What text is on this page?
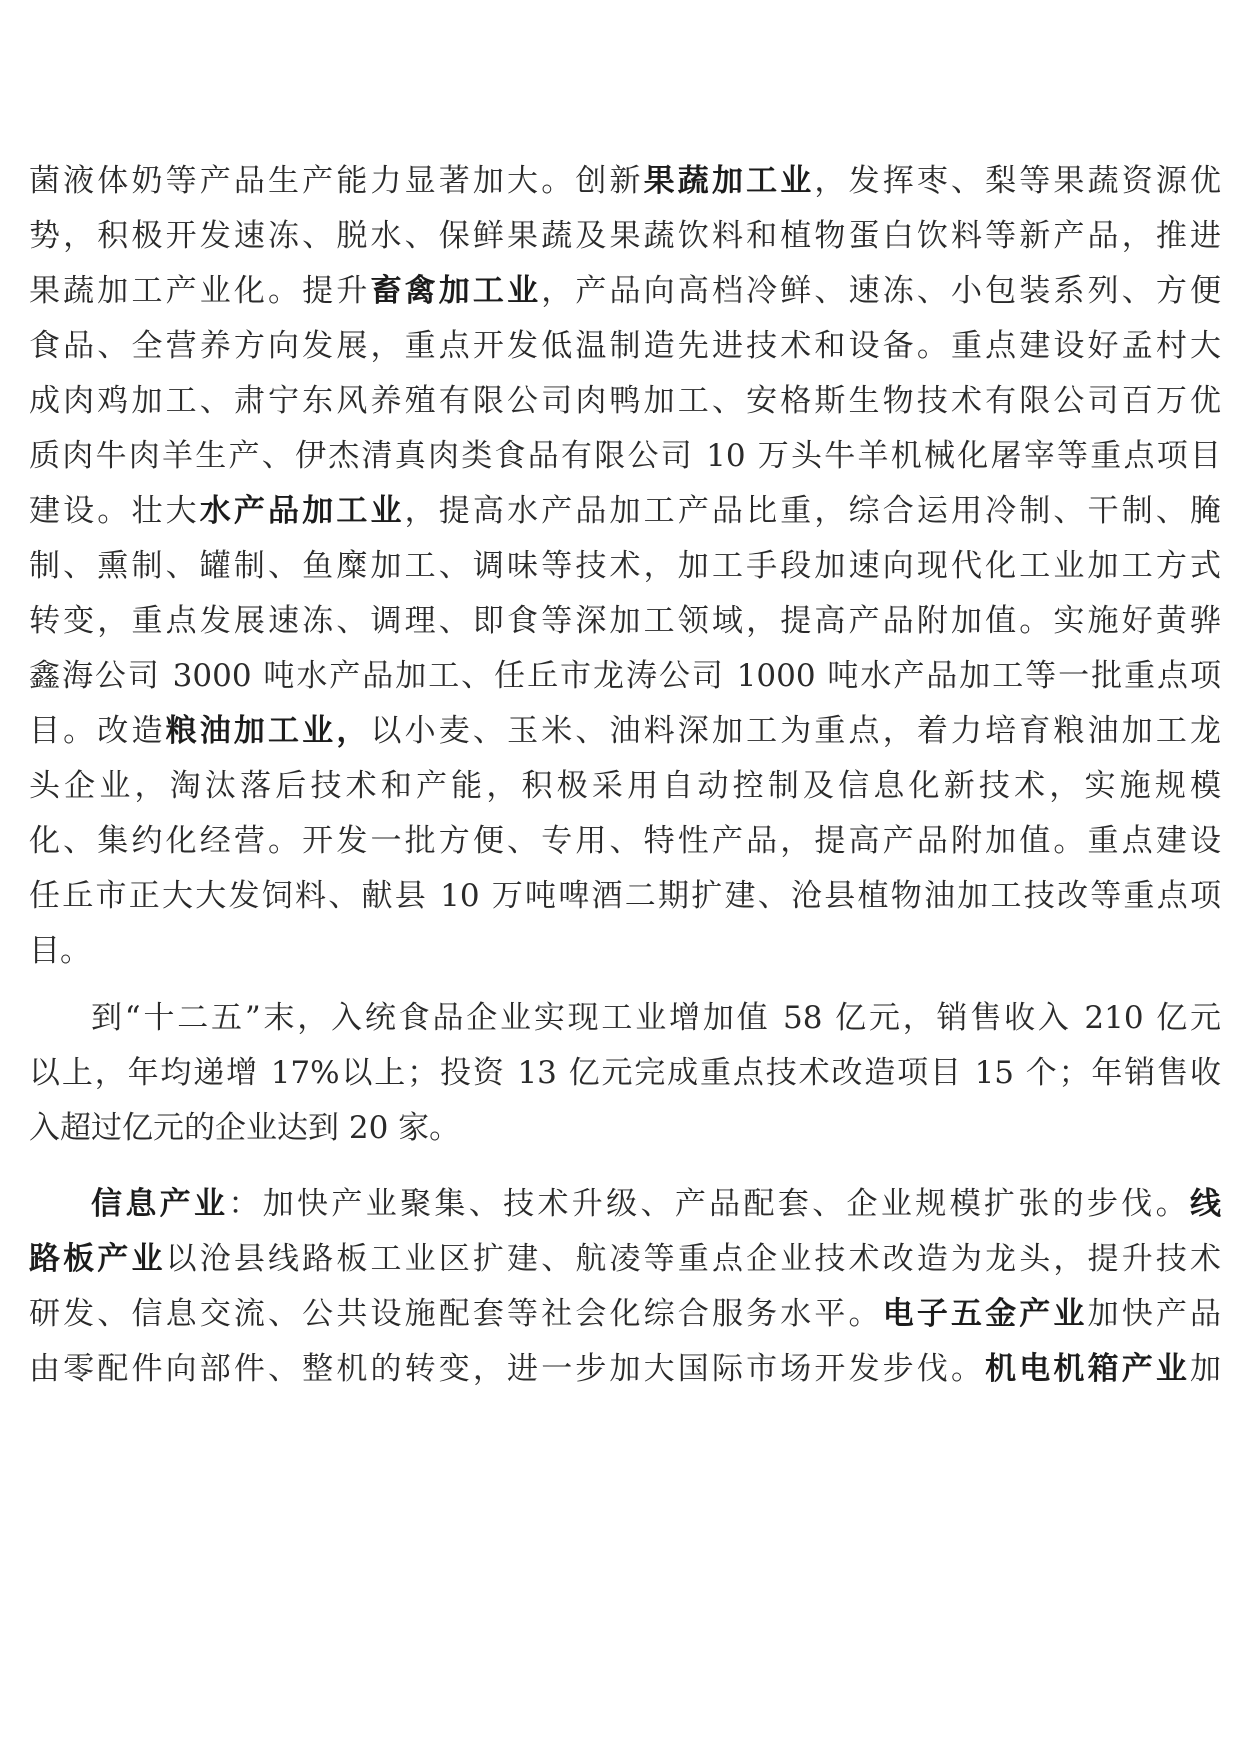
菌液体奶等产品生产能力显著加大。创新果蔬加工业，发挥枣、梨等果蔬资源优
势，积极开发速冻、脱水、保鲜果蔬及果蔬饮料和植物蛋白饮料等新产品，推进
果蔬加工产业化。提升畜禽加工业，产品向高档冷鲜、速冻、小包装系列、方便
食品、全营养方向发展，重点开发低温制造先进技术和设备。重点建设好孟村大
成肉鸡加工、肃宁东风养殖有限公司肉鸭加工、安格斯生物技术有限公司百万优
质肉牛肉羊生产、伊杰清真肉类食品有限公司 10 万头牛羊机械化屠宰等重点项目
建设。壮大水产品加工业，提高水产品加工产品比重，综合运用冷制、干制、腌
制、熏制、罐制、鱼糜加工、调味等技术，加工手段加速向现代化工业加工方式
转变，重点发展速冻、调理、即食等深加工领域，提高产品附加值。实施好黄骅
鑫海公司 3000 吨水产品加工、任丘市龙涛公司 1000 吨水产品加工等一批重点项
目。改造粮油加工业，以小麦、玉米、油料深加工为重点，着力培育粮油加工龙
头企业，淘汰落后技术和产能，积极采用自动控制及信息化新技术，实施规模
化、集约化经营。开发一批方便、专用、特性产品，提高产品附加值。重点建设
任丘市正大大发饲料、献县 10 万吨啤酒二期扩建、沧县植物油加工技改等重点项
目。
到“十二五”末，入统食品企业实现工业增加值 58 亿元，销售收入 210 亿元
以上，年均递增 17%以上；投资 13 亿元完成重点技术改造项目 15 个；年销售收
入超过亿元的企业达到 20 家。
信息产业：加快产业聚集、技术升级、产品配套、企业规模扩张的步伐。线
路板产业以沧县线路板工业区扩建、航凌等重点企业技术改造为龙头，提升技术
研发、信息交流、公共设施配套等社会化综合服务水平。电子五金产业加快产品
由零配件向部件、整机的转变，进一步加大国际市场开发步伐。机电机箱产业加
